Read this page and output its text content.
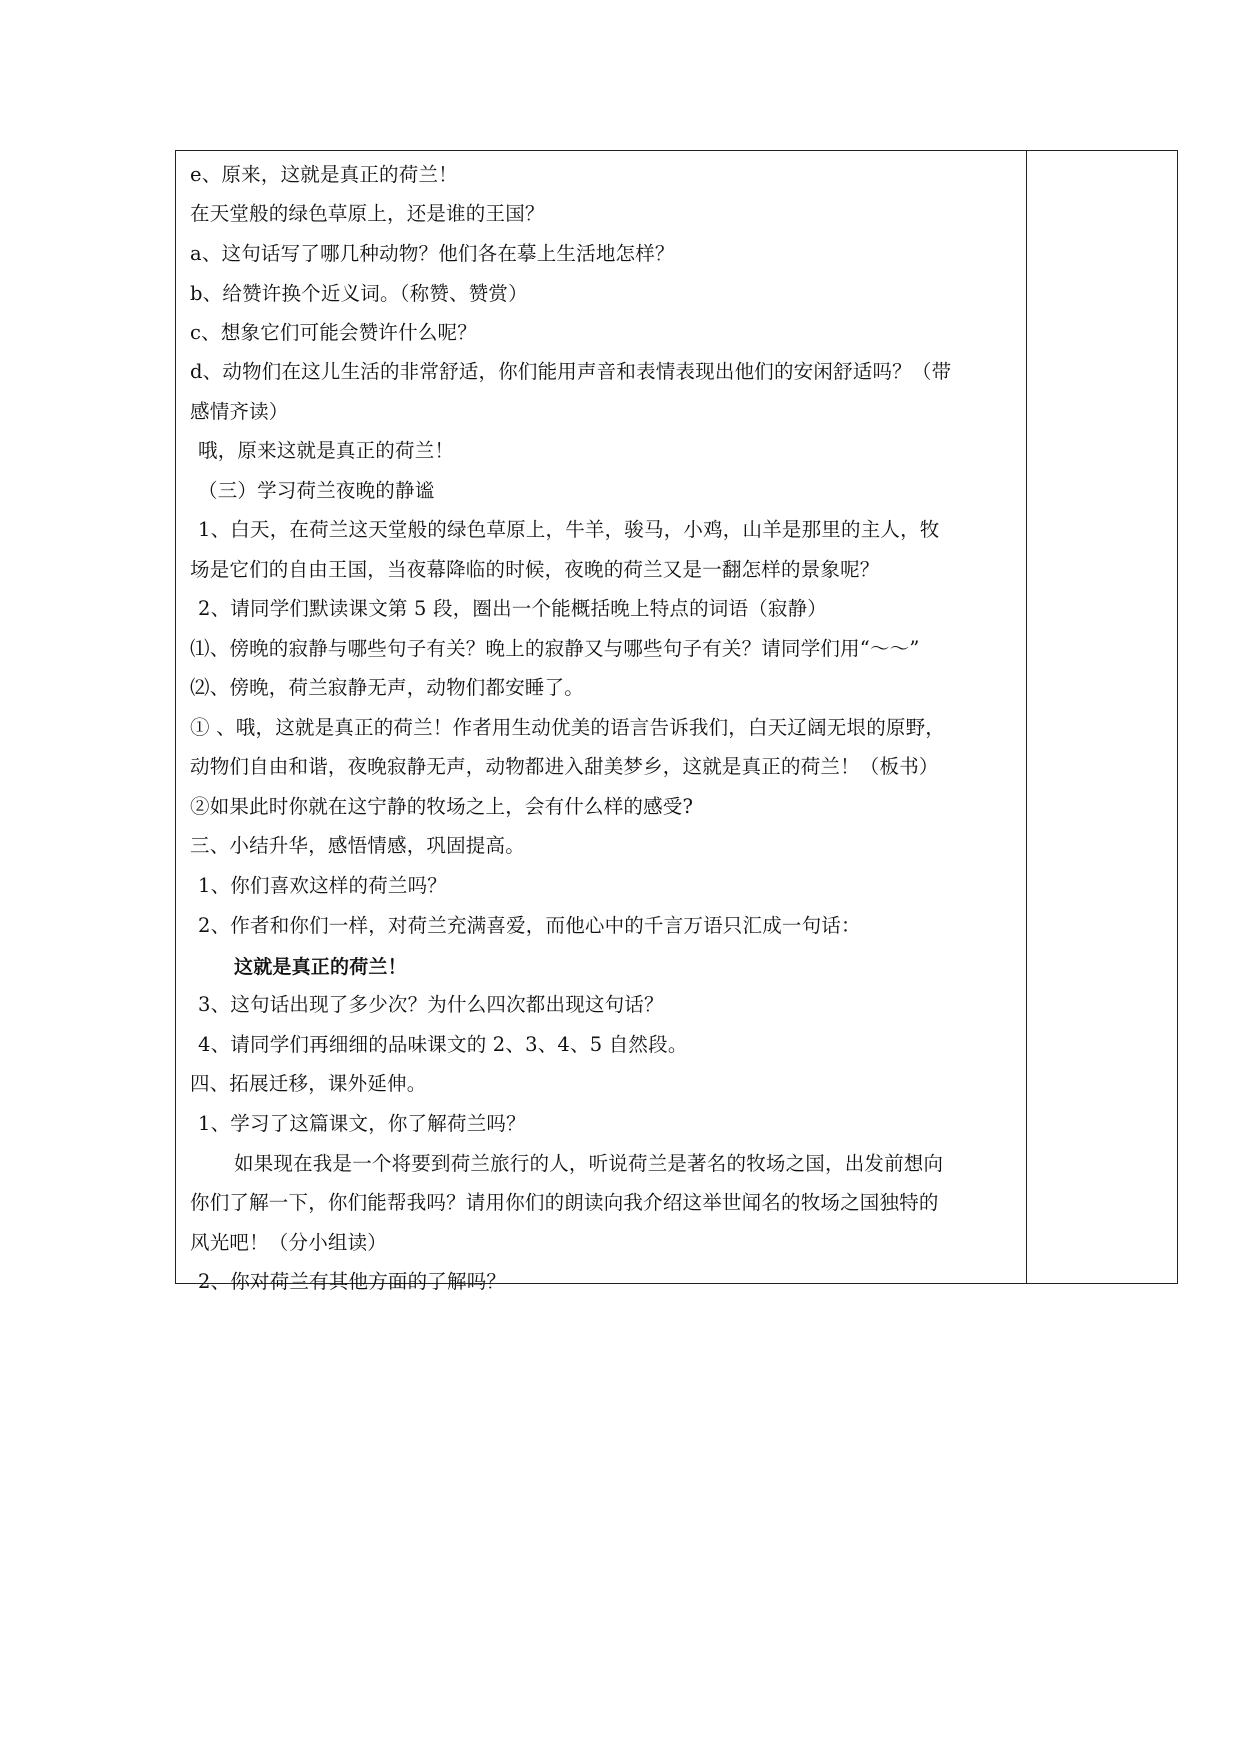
e、原来，这就是真正的荷兰！
在天堂般的绿色草原上，还是谁的王国？
a、这句话写了哪几种动物？他们各在摹上生活地怎样？
b、给赞许换个近义词。（称赞、赞赏）
c、想象它们可能会赞许什么呢？
d、动物们在这儿生活的非常舒适，你们能用声音和表情表现出他们的安闲舒适吗？（带
感情齐读）
哦，原来这就是真正的荷兰！
（三）学习荷兰夜晚的静谧
1、白天，在荷兰这天堂般的绿色草原上，牛羊，骏马，小鸡，山羊是那里的主人，牧
场是它们的自由王国，当夜幕降临的时候，夜晚的荷兰又是一翻怎样的景象呢？
2、请同学们默读课文第 5 段，圈出一个能概括晚上特点的词语（寂静）
⑴、傍晚的寂静与哪些句子有关？晚上的寂静又与哪些句子有关？请同学们用“～～”
⑵、傍晚，荷兰寂静无声，动物们都安睡了。
① 、哦，这就是真正的荷兰！作者用生动优美的语言告诉我们，白天辽阔无垠的原野，
动物们自由和谐，夜晚寂静无声，动物都进入甜美梦乡，这就是真正的荷兰！（板书）
②如果此时你就在这宁静的牧场之上，会有什么样的感受?
三、小结升华，感悟情感，巩固提高。
1、你们喜欢这样的荷兰吗？
2、作者和你们一样，对荷兰充满喜爱，而他心中的千言万语只汇成一句话：
这就是真正的荷兰！
3、这句话出现了多少次？为什么四次都出现这句话？
4、请同学们再细细的品味课文的 2、3、4、5 自然段。
四、拓展迁移，课外延伸。
1、学习了这篇课文，你了解荷兰吗？
如果现在我是一个将要到荷兰旅行的人，听说荷兰是著名的牧场之国，出发前想向
你们了解一下，你们能帮我吗？请用你们的朗读向我介绍这举世闻名的牧场之国独特的
风光吧！（分小组读）
2、你对荷兰有其他方面的了解吗？
